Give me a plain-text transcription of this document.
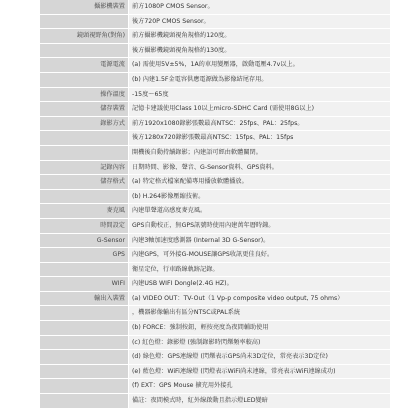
攝影機裝置	前方1080P CMOS Sensor。
	後方720P CMOS Sensor。
鏡頭視野角(對角)	前方攝影機鏡頭視角規格約120度。
	後方攝影機鏡頭視角規格約130度。
電源電流	(a) 需使用5V±5%，1A的車用變壓器，啟動電壓4.7v以上。
	(b) 內建1.5F金電容供應電源做為影像結尾存用。
操作溫度	-15度～65度
儲存裝置	記憶卡建議使用Class 10以上micro-SDHC Card (需使用8G以上)
錄影方式	前方1920x1080錄影張數最高NTSC：25fps、PAL：25fps。
	後方1280x720錄影張數最高NTSC：15fps、PAL：15fps
	開機後自動持續錄影；內建語可經由軟體關閉。
記錄內容	日期時間、影像、聲音、G-Sensor資料、GPS資料。
儲存格式	(a) 特定格式檔案配備專用播放軟體播放。
	(b) H.264影像壓縮技術。
麥克風	內建單聲道高感度麥克風。
時間設定	GPS自動校正，無GPS訊號時使用內建萬年曆時鐘。
G-Sensor	內建3軸加速度感測器 (Internal 3D G-Sensor)。
GPS	內建GPS，可外接G-MOUSE讓GPS收訊更佳良好。
	衛星定位，行車路線軌跡記錄。
WIFI	內建USB WIFI Dongle(2.4G HZ)。
輸出入裝置	(a) VIDEO OUT：TV-Out（1 Vp-p composite video output, 75 ohms）
	，機器影像輸出有區分NTSC或PAL系統
	(b) FORCE：強制按鈕，輕按亮度為夜間輔助使用
	(c) 紅色燈：錄影燈 (強制錄影時閃爍頻率較高)
	(d) 綠色燈：GPS連線燈 (閃爍表示GPS尚未3D定位，常亮表示3D定位)
	(e) 藍色燈：WiFi連線燈 (閃燈表示WiFi尚未連線，常亮表示WiFi連線成功)
	(f) EXT：GPS Mouse 擴充用外接孔
	備註：夜間模式時，紅外線啟動且指示燈LED變暗
